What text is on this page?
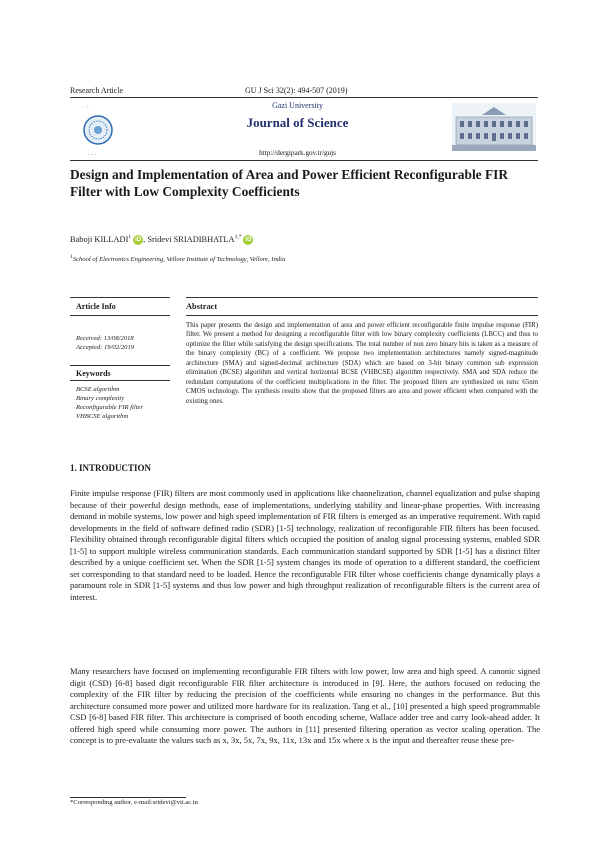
Research Article	GU J Sci 32(2): 494-507 (2019)
. . : .
. . .
Gazi University
Journal of Science
http://dergipark.gov.tr/gujs
Design and Implementation of Area and Power Efficient Reconfigurable FIR Filter with Low Complexity Coefficients
Baboji KILLADI$^1$ iD , Sridevi $SRIADIBHATLA^{1,*}$ iD
$^1$School of Electronics Engineering, Vellore Institute of Technology, Vellore, India
Article Info
Received: 13/08/2018
Accepted: 19/02/2019
Keywords
BCSE algorithm
Binary complexity
Reconfigurable FIR filter
VHBCSE algorithm
Abstract
This paper presents the design and implementation of area and power efficient reconfigurable finite impulse response (FIR) filter. We present a method for designing a reconfigurable filter with low binary complexity coefficients (LBCC) and thus to optimize the filter while satisfying the design specifications. The total number of non zero binary bits is taken as a measure of the binary complexity (BC) of a coefficient. We propose two implementation architectures namely signed-magnitude architecture (SMA) and signed-decimal architecture (SDA) which are based on 3-bit binary common sub expression elimination (BCSE) algorithm and vertical horizontal BCSE (VHBCSE) algorithm respectively. SMA and SDA reduce the redundant computations of the coefficient multiplications in the filter. The proposed filters are synthesized on tsmc 65nm CMOS technology. The synthesis results show that the proposed filters are area and power efficient when compared with the existing ones.
1. INTRODUCTION
Finite impulse response (FIR) filters are most commonly used in applications like channelization, channel equalization and pulse shaping because of their powerful design methods, ease of implementations, underlying stability and linear-phase properties. With increasing demand in mobile systems, low power and high speed implementation of FIR filters is emerged as an imperative requirement. With rapid developments in the field of software defined radio (SDR) [1-5] technology, realization of reconfigurable FIR filters has been focused. Flexibility obtained through reconfigurable digital filters which occupied the position of analog signal processing systems, enabled SDR [1-5] to support multiple wireless communication standards. Each communication standard supported by SDR [1-5] has a distinct filter described by a unique coefficient set. When the SDR [1-5] system changes its mode of operation to a different standard, the coefficient set corresponding to that standard need to be loaded. Hence the reconfigurable FIR filter whose coefficients change dynamically plays a paramount role in SDR [1-5] systems and thus low power and high throughput realization of reconfigurable filters is the current area of interest.
Many researchers have focused on implementing reconfigurable FIR filters with low power, low area and high speed. A canonic signed digit (CSD) [6-8] based digit reconfigurable FIR filter architecture is introduced in [9]. Here, the authors focused on reducing the complexity of the FIR filter by reducing the precision of the coefficients while ensuring no changes in the performance. But this architecture consumed more power and utilized more hardware for its realization. Tang et al., [10] presented a high speed programmable CSD [6-8] based FIR filter. This architecture is comprised of booth encoding scheme, Wallace adder tree and carry look-ahead adder. It offered high speed while consuming more power. The authors in [11] presented filtering operation as vector scaling operation. The concept is to pre-evaluate the values such as x, 3x, 5x, 7x, 9x, 11x, 13x and 15x where x is the input and thereafter reuse these pre-
*Corresponding author, e-mail:sridevi@vit.ac.in
